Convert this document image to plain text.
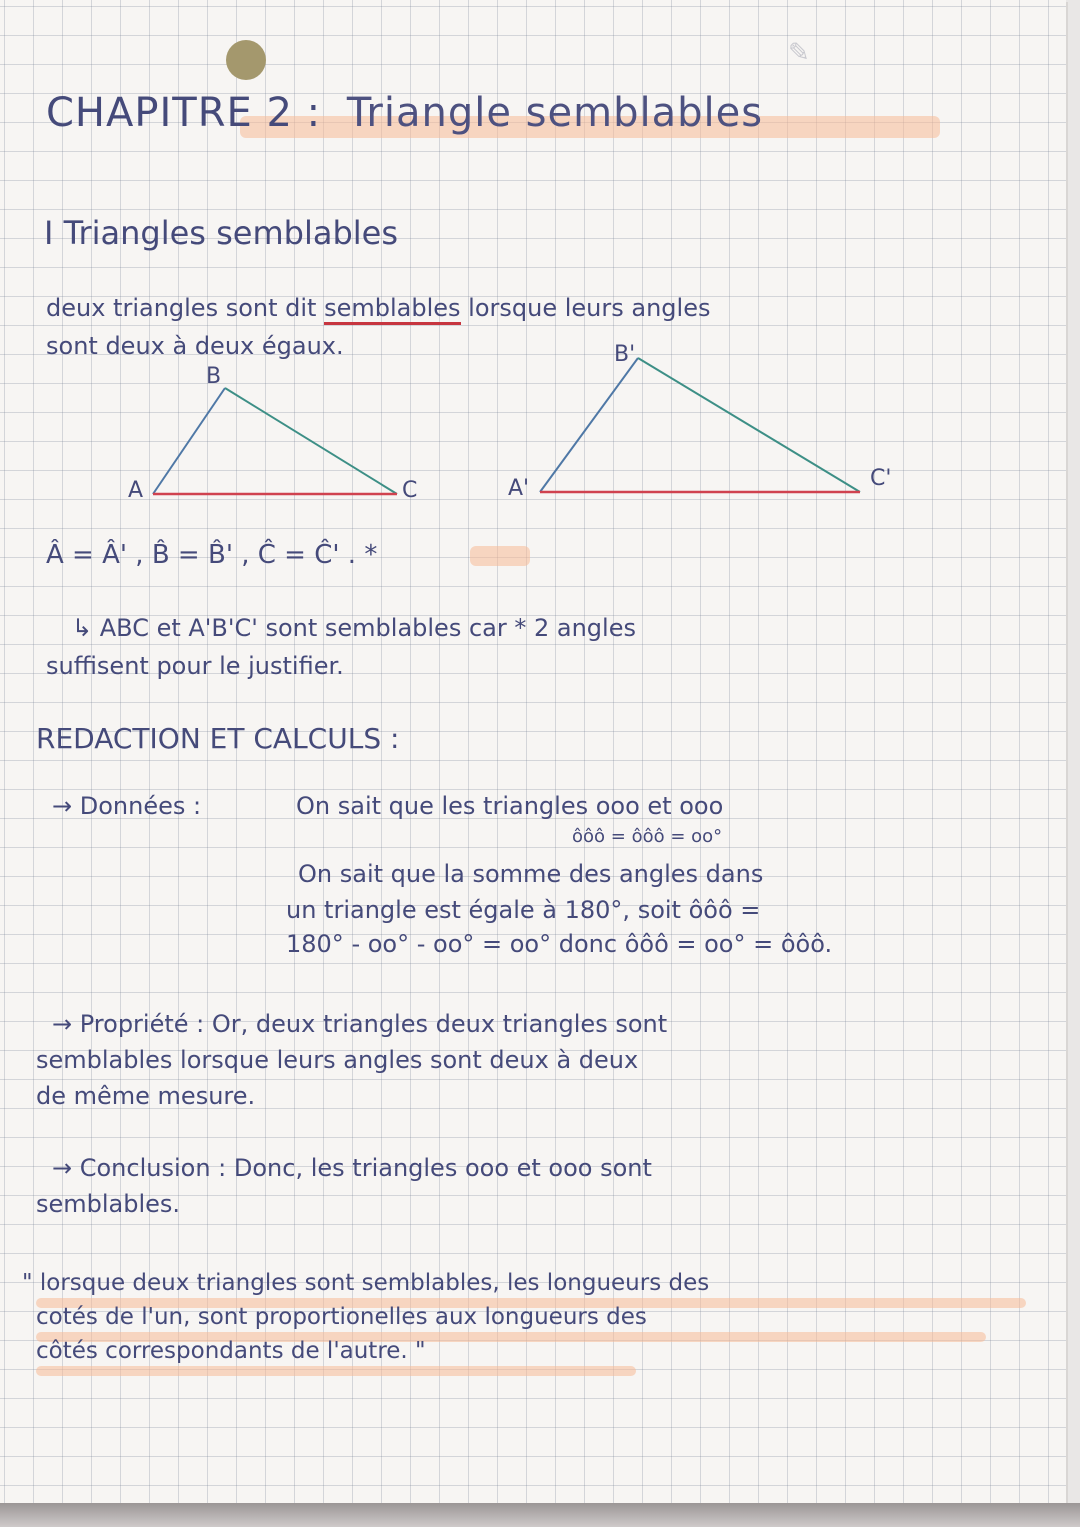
✎
CHAPITRE 2 : Triangle semblables
I Triangles semblables
deux triangles sont dit semblables lorsque leurs angles
sont deux à deux égaux.
B
A	C
B'
A'	C'
Â = Â' , B̂ = B̂' , Ĉ = Ĉ' . *
↳ ABC et A'B'C' sont semblables car * 2 angles
suffisent pour le justifier.
REDACTION ET CALCULS :
→ Données :	On sait que les triangles ooo et ooo
ôôô = ôôô = oo°
On sait que la somme des angles dans
un triangle est égale à 180°, soit ôôô =
180° - oo° - oo° = oo° donc ôôô = oo° = ôôô.
→ Propriété : Or, deux triangles deux triangles sont
semblables lorsque leurs angles sont deux à deux
de même mesure.
→ Conclusion : Donc, les triangles ooo et ooo sont
semblables.
" lorsque deux triangles sont semblables, les longueurs des
cotés de l'un, sont proportionelles aux longueurs des
côtés correspondants de l'autre. "
